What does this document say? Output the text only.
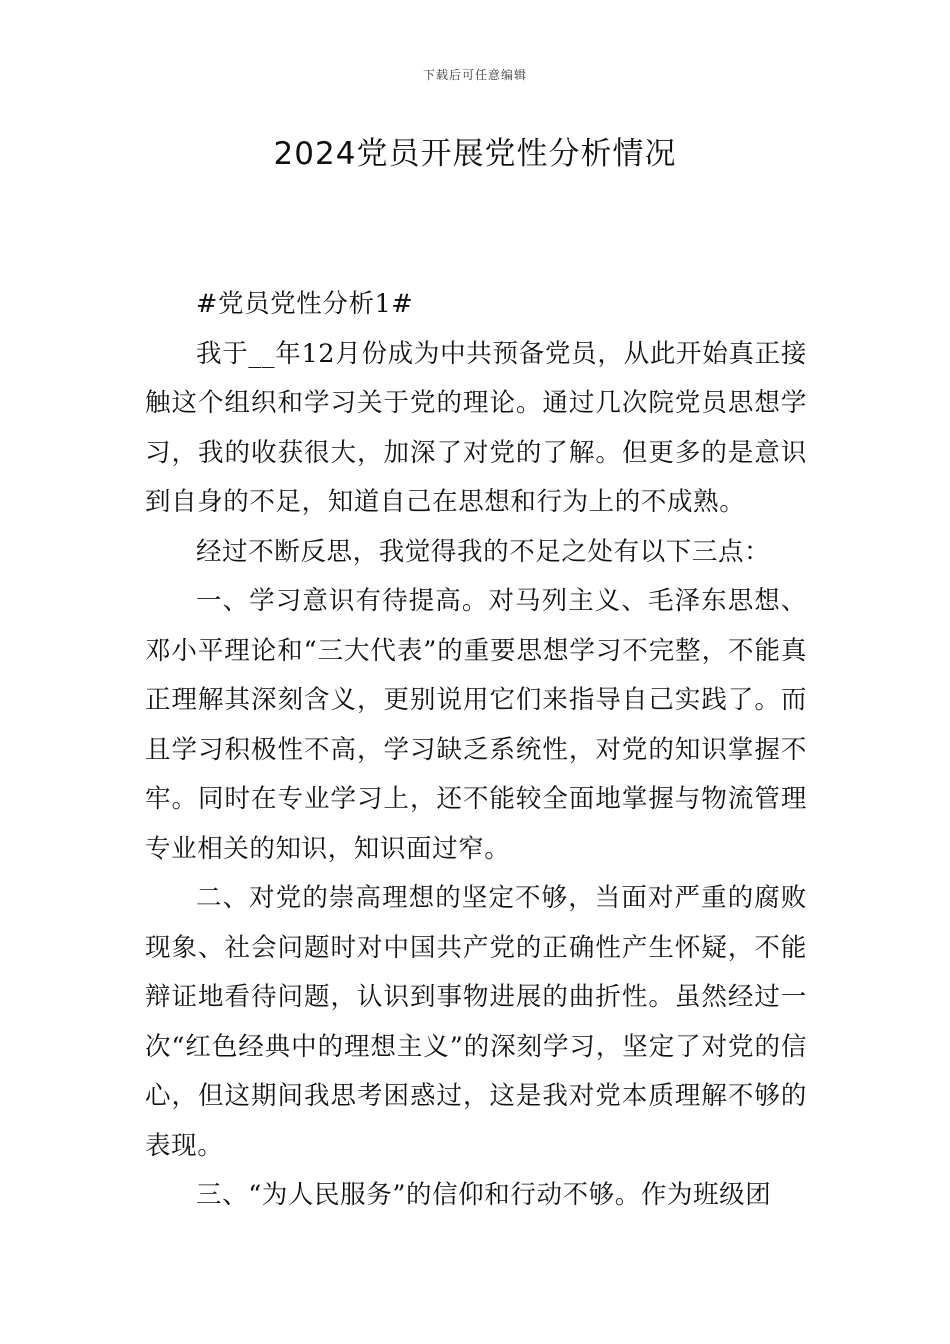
下载后可任意编辑
2024党员开展党性分析情况

#党员党性分析1#

我于__年12月份成为中共预备党员，从此开始真正接触这个组织和学习关于党的理论。通过几次院党员思想学习，我的收获很大，加深了对党的了解。但更多的是意识到自身的不足，知道自己在思想和行为上的不成熟。

经过不断反思，我觉得我的不足之处有以下三点：

一、学习意识有待提高。对马列主义、毛泽东思想、邓小平理论和“三大代表”的重要思想学习不完整，不能真正理解其深刻含义，更别说用它们来指导自己实践了。而且学习积极性不高，学习缺乏系统性，对党的知识掌握不牢。同时在专业学习上，还不能较全面地掌握与物流管理专业相关的知识，知识面过窄。

二、对党的崇高理想的坚定不够，当面对严重的腐败现象、社会问题时对中国共产党的正确性产生怀疑，不能辩证地看待问题，认识到事物进展的曲折性。虽然经过一次“红色经典中的理想主义”的深刻学习，坚定了对党的信心，但这期间我思考困惑过，这是我对党本质理解不够的表现。

三、“为人民服务”的信仰和行动不够。作为班级团
